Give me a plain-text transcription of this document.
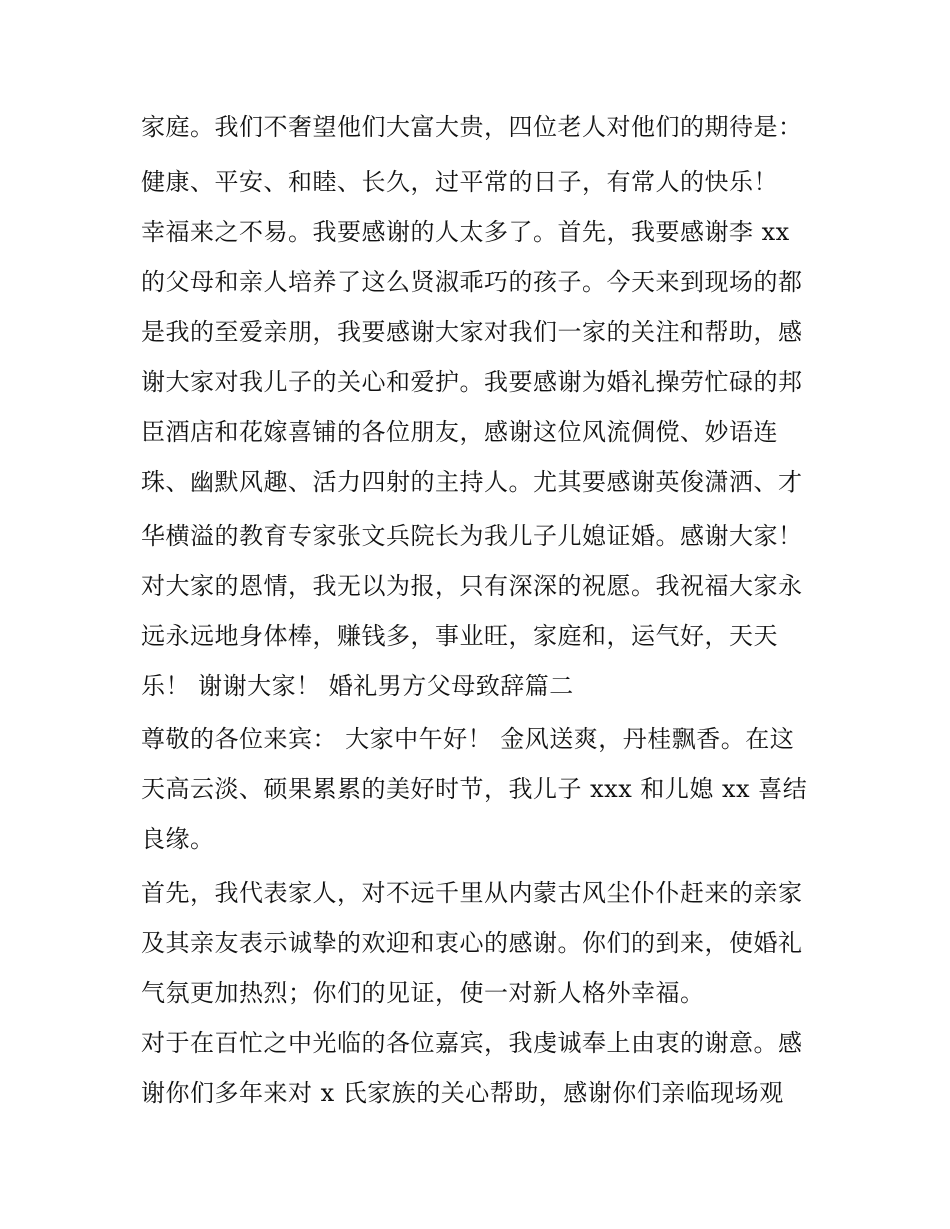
家庭。我们不奢望他们大富大贵，四位老人对他们的期待是：
健康、平安、和睦、长久，过平常的日子，有常人的快乐！
幸福来之不易。我要感谢的人太多了。首先，我要感谢李 xx
的父母和亲人培养了这么贤淑乖巧的孩子。今天来到现场的都
是我的至爱亲朋，我要感谢大家对我们一家的关注和帮助，感
谢大家对我儿子的关心和爱护。我要感谢为婚礼操劳忙碌的邦
臣酒店和花嫁喜铺的各位朋友，感谢这位风流倜傥、妙语连
珠、幽默风趣、活力四射的主持人。尤其要感谢英俊潇洒、才
华横溢的教育专家张文兵院长为我儿子儿媳证婚。感谢大家！
对大家的恩情，我无以为报，只有深深的祝愿。我祝福大家永
远永远地身体棒，赚钱多，事业旺，家庭和，运气好，天天
乐！ 谢谢大家！ 婚礼男方父母致辞篇二
尊敬的各位来宾： 大家中午好！ 金风送爽，丹桂飘香。在这
天高云淡、硕果累累的美好时节，我儿子 xxx 和儿媳 xx 喜结
良缘。
首先，我代表家人，对不远千里从内蒙古风尘仆仆赶来的亲家
及其亲友表示诚挚的欢迎和衷心的感谢。你们的到来，使婚礼
气氛更加热烈；你们的见证，使一对新人格外幸福。
对于在百忙之中光临的各位嘉宾，我虔诚奉上由衷的谢意。感
谢你们多年来对 x 氏家族的关心帮助，感谢你们亲临现场观
